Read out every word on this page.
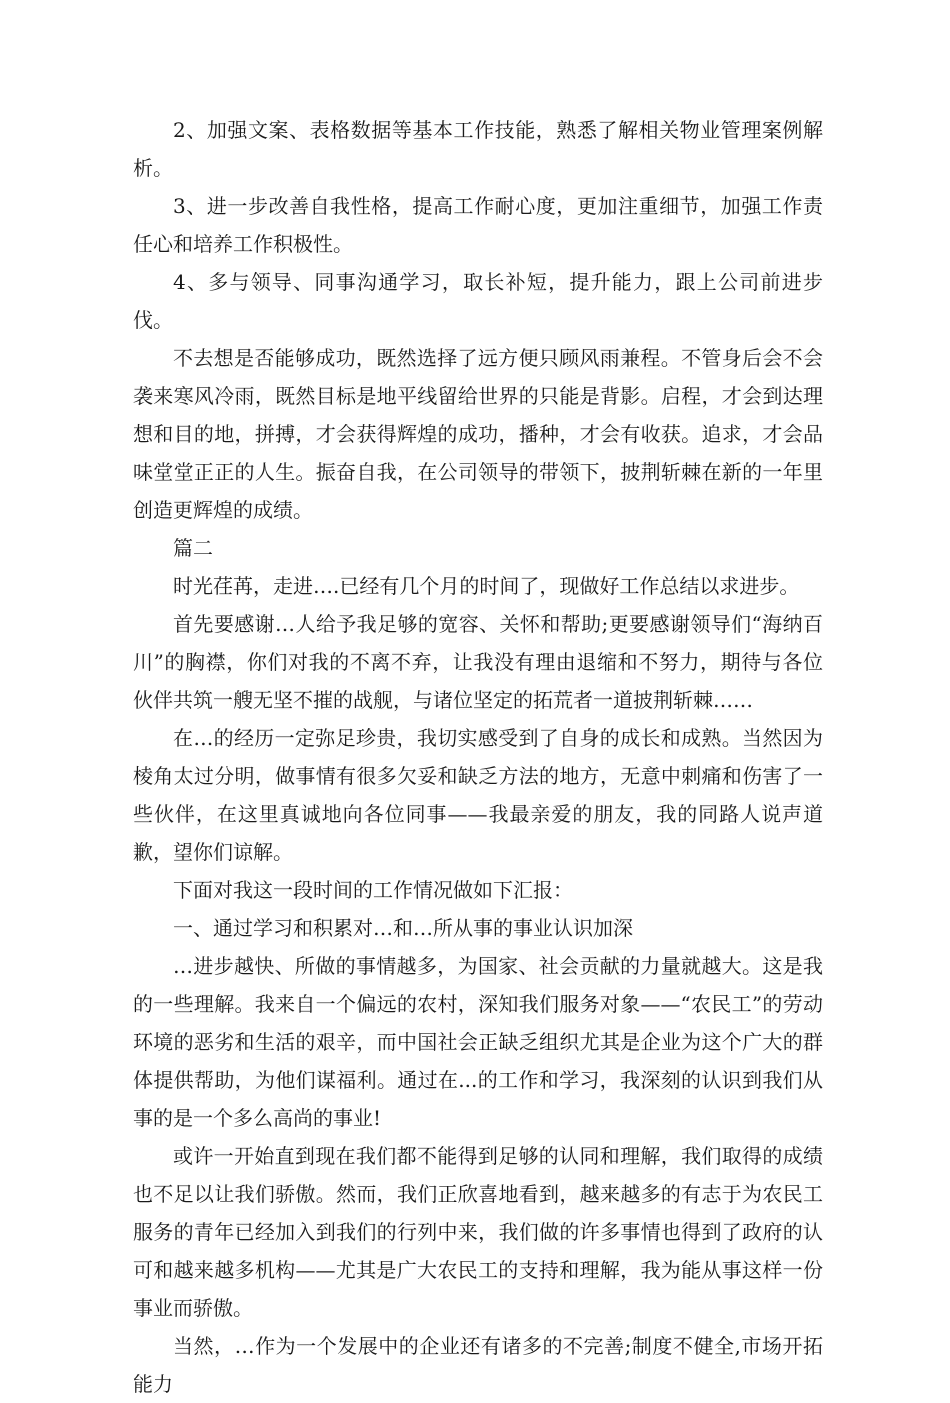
2、加强文案、表格数据等基本工作技能，熟悉了解相关物业管理案例解析。

3、进一步改善自我性格，提高工作耐心度，更加注重细节，加强工作责任心和培养工作积极性。

4、多与领导、同事沟通学习，取长补短，提升能力，跟上公司前进步伐。

不去想是否能够成功，既然选择了远方便只顾风雨兼程。不管身后会不会袭来寒风冷雨，既然目标是地平线留给世界的只能是背影。启程，才会到达理想和目的地，拼搏，才会获得辉煌的成功，播种，才会有收获。追求，才会品味堂堂正正的人生。振奋自我，在公司领导的带领下，披荆斩棘在新的一年里创造更辉煌的成绩。

篇二

时光荏苒，走进….已经有几个月的时间了，现做好工作总结以求进步。

首先要感谢…人给予我足够的宽容、关怀和帮助;更要感谢领导们“海纳百川”的胸襟，你们对我的不离不弃，让我没有理由退缩和不努力，期待与各位伙伴共筑一艘无坚不摧的战舰，与诸位坚定的拓荒者一道披荆斩棘……

在…的经历一定弥足珍贵，我切实感受到了自身的成长和成熟。当然因为棱角太过分明，做事情有很多欠妥和缺乏方法的地方，无意中刺痛和伤害了一些伙伴，在这里真诚地向各位同事——我最亲爱的朋友，我的同路人说声道歉，望你们谅解。

下面对我这一段时间的工作情况做如下汇报：

一、通过学习和积累对…和…所从事的事业认识加深

…进步越快、所做的事情越多，为国家、社会贡献的力量就越大。这是我的一些理解。我来自一个偏远的农村，深知我们服务对象——“农民工”的劳动环境的恶劣和生活的艰辛，而中国社会正缺乏组织尤其是企业为这个广大的群体提供帮助，为他们谋福利。通过在...的工作和学习，我深刻的认识到我们从事的是一个多么高尚的事业!

或许一开始直到现在我们都不能得到足够的认同和理解，我们取得的成绩也不足以让我们骄傲。然而，我们正欣喜地看到，越来越多的有志于为农民工服务的青年已经加入到我们的行列中来，我们做的许多事情也得到了政府的认可和越来越多机构——尤其是广大农民工的支持和理解，我为能从事这样一份事业而骄傲。

当然，…作为一个发展中的企业还有诸多的不完善;制度不健全,市场开拓能力
